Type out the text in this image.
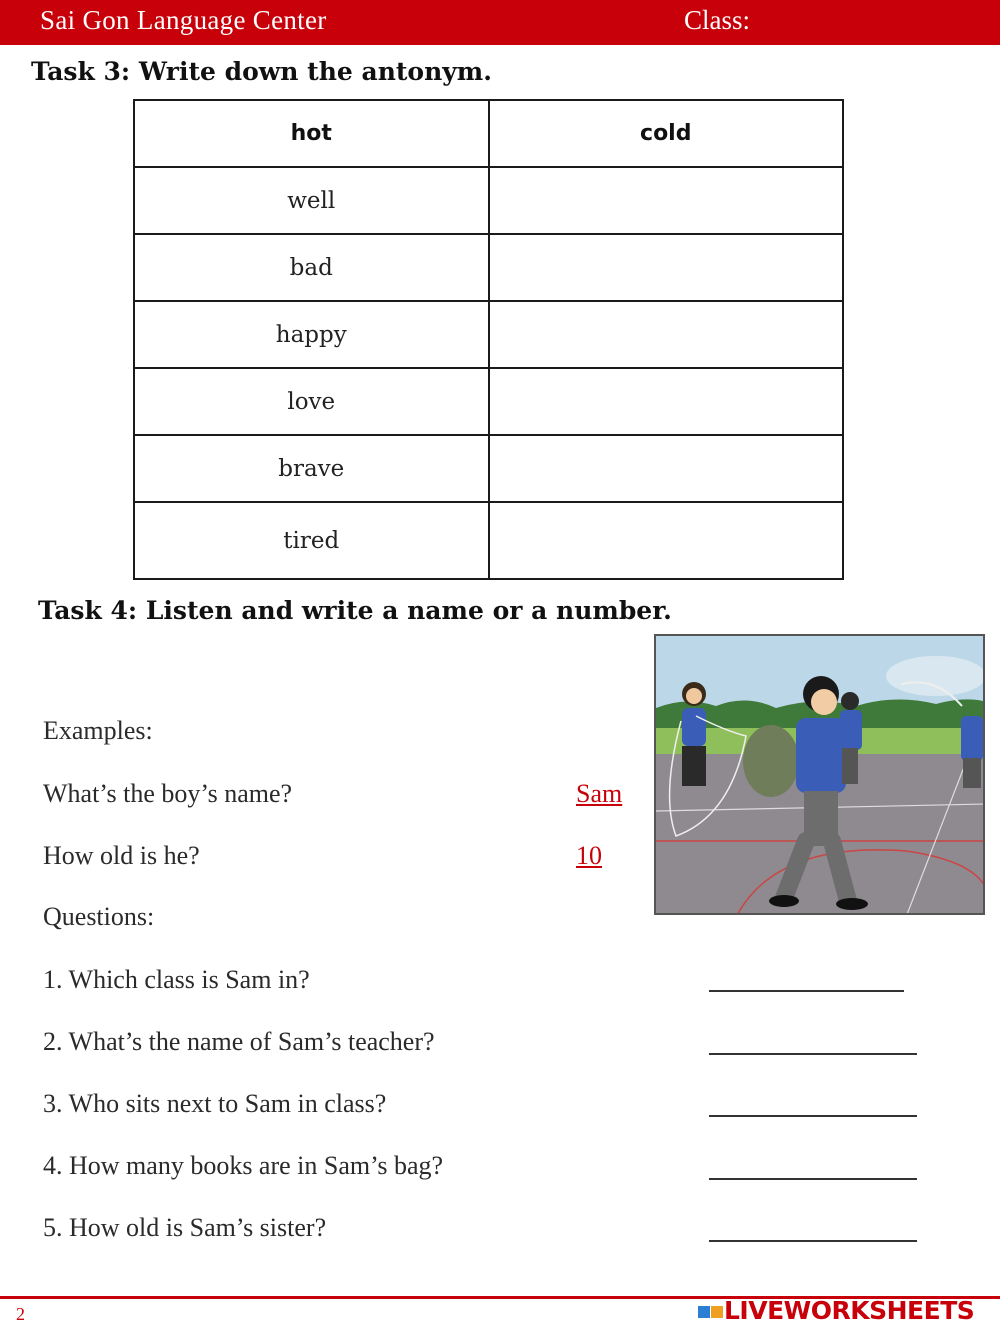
Sai Gon Language Center	Class:
Task 3: Write down the antonym.
hot	cold
well	
bad	
happy	
love	
brave	
tired	
Task 4: Listen and write a name or a number.
Examples:
What’s the boy’s name?	Sam
How old is he?	10
Questions:
1. Which class is Sam in?
2. What’s the name of Sam’s teacher?
3. Who sits next to Sam in class?
4. How many books are in Sam’s bag?
5. How old is Sam’s sister?
2	LIVEWORKSHEETS
